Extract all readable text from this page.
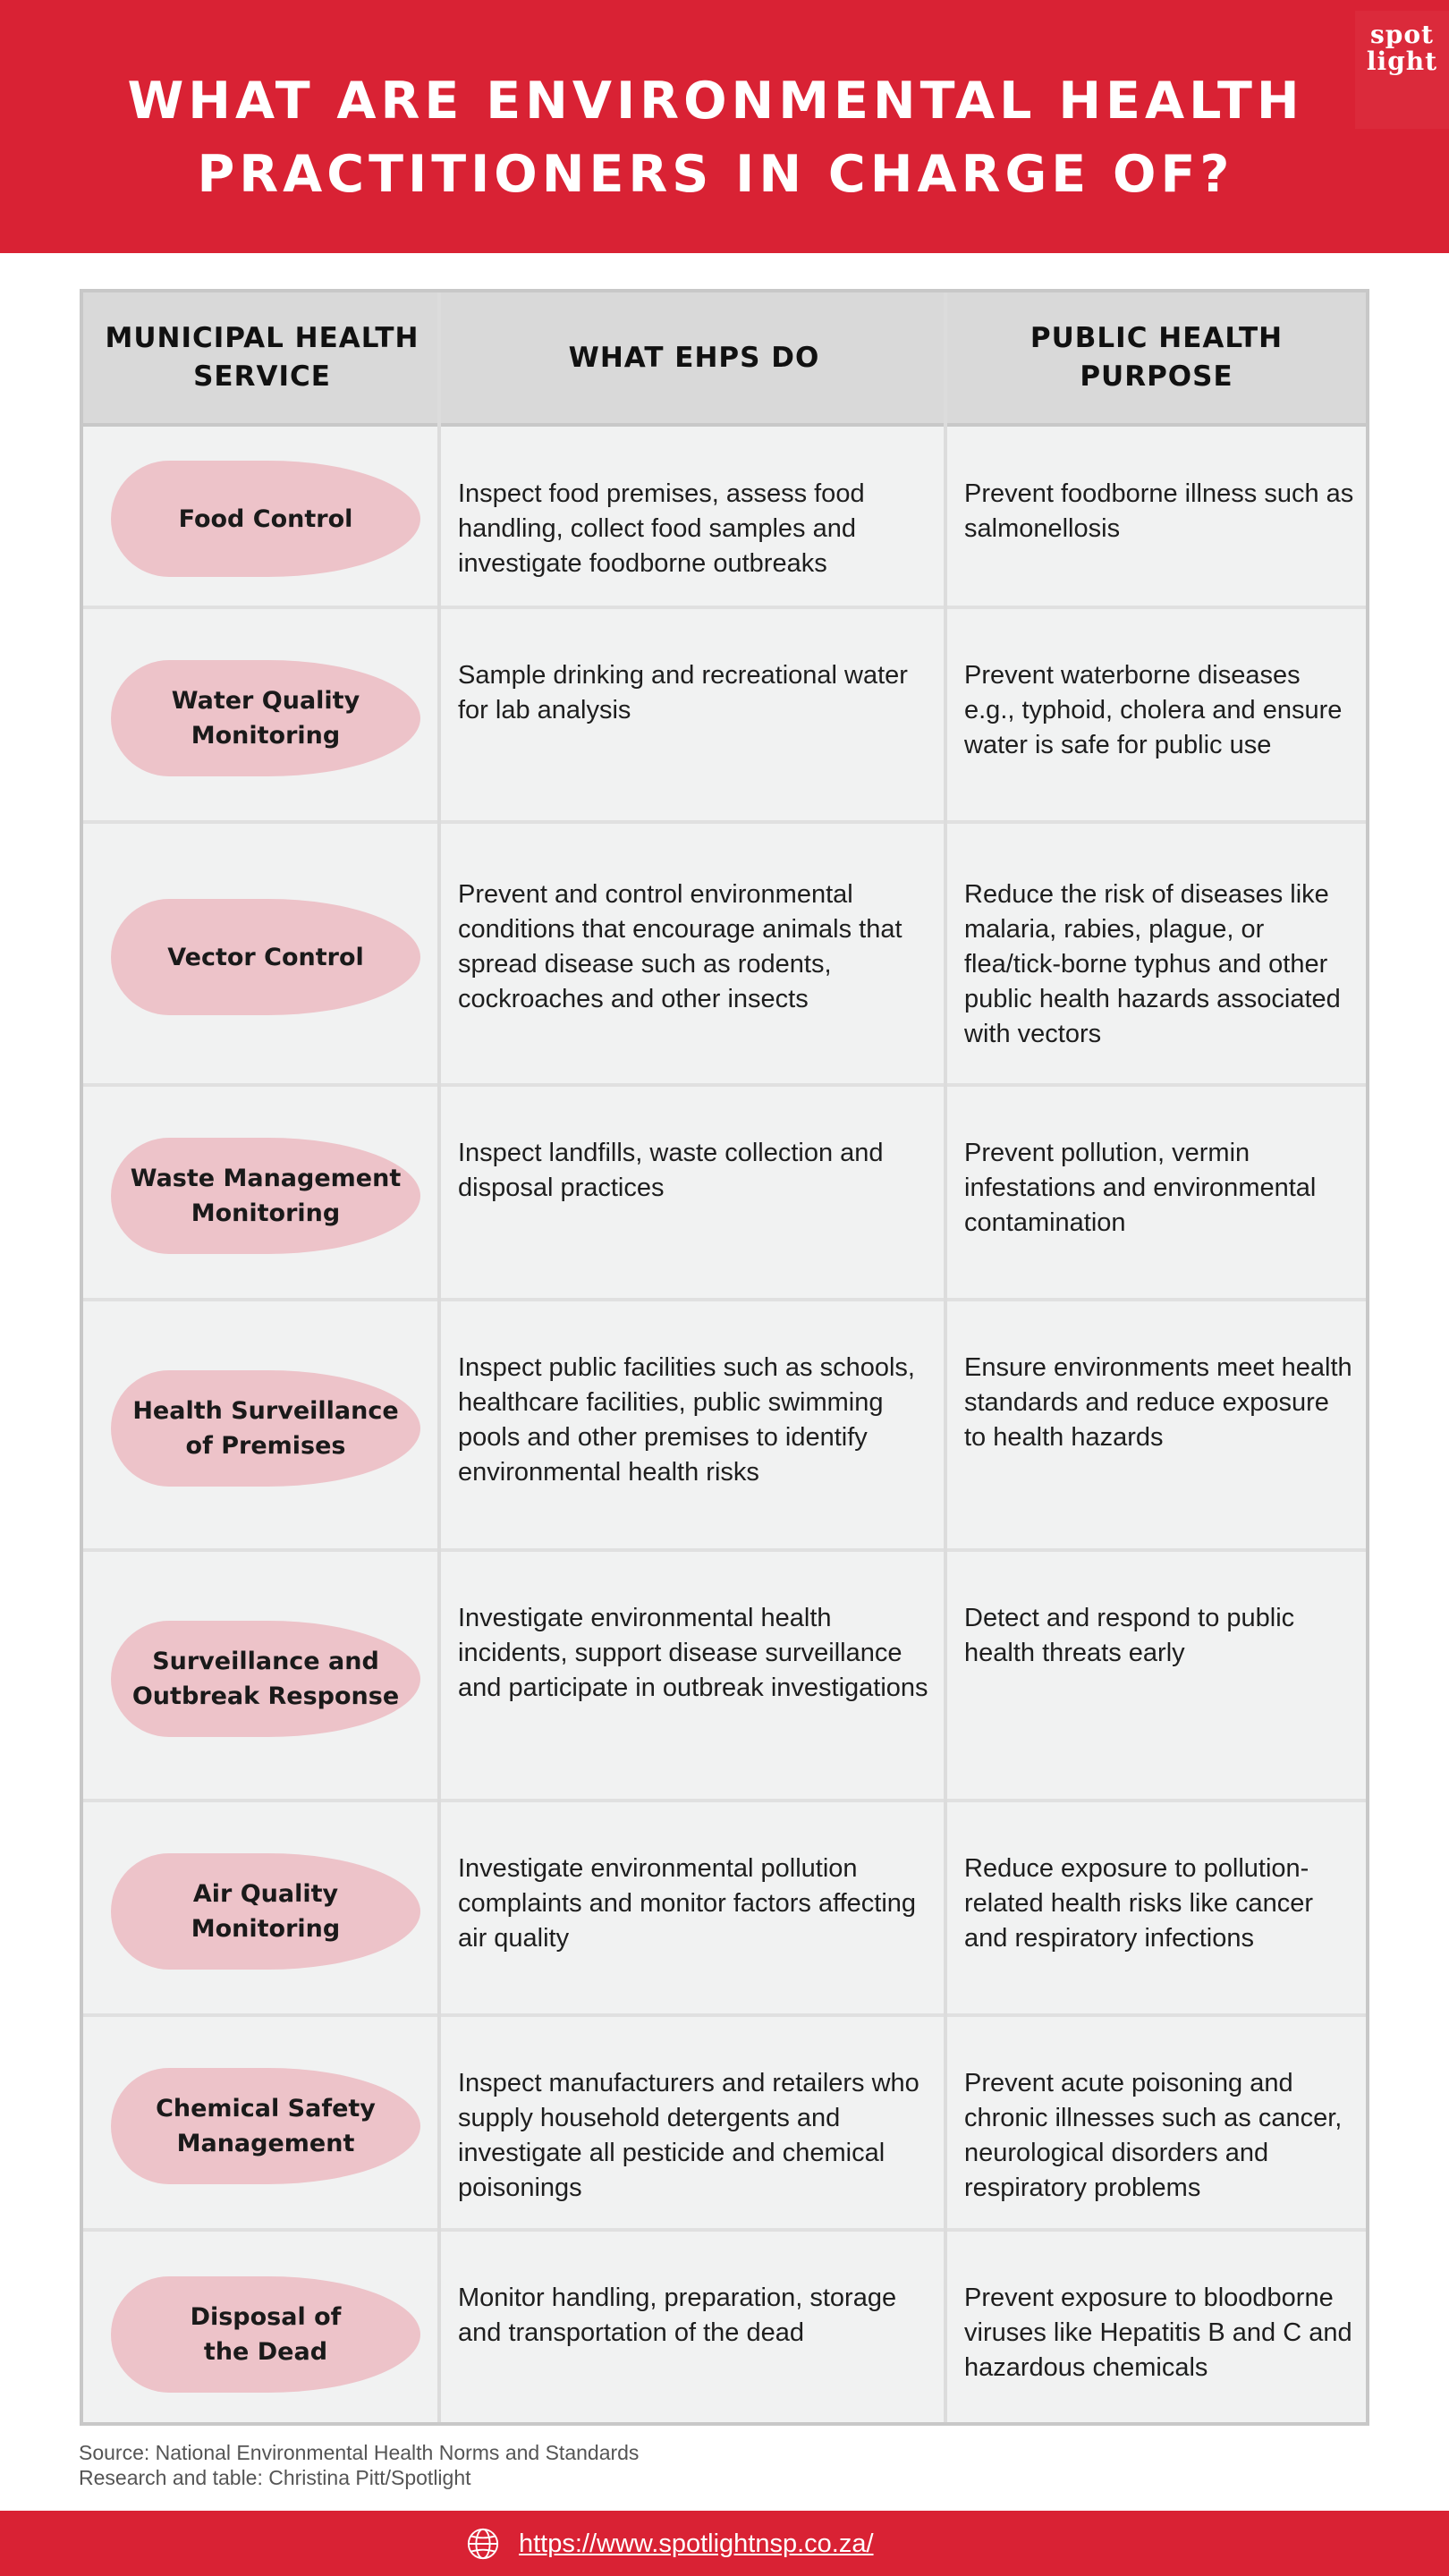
WHAT ARE ENVIRONMENTAL HEALTH PRACTITIONERS IN CHARGE OF?
spot
light
MUNICIPAL HEALTH SERVICE
WHAT EHPS DO
PUBLIC HEALTH PURPOSE
Food Control
Inspect food premises, assess food handling, collect food samples and investigate foodborne outbreaks
Prevent foodborne illness such as salmonellosis
Water Quality
Monitoring
Sample drinking and recreational water for lab analysis
Prevent waterborne diseases e.g., typhoid, cholera and ensure water is safe for public use
Vector Control
Prevent and control environmental conditions that encourage animals that spread disease such as rodents, cockroaches and other insects
Reduce the risk of diseases like malaria, rabies, plague, or flea/tick-borne typhus and other public health hazards associated with vectors
Waste Management
Monitoring
Inspect landfills, waste collection and disposal practices
Prevent pollution, vermin infestations and environmental contamination
Health Surveillance
of Premises
Inspect public facilities such as schools, healthcare facilities, public swimming pools and other premises to identify environmental health risks
Ensure environments meet health standards and reduce exposure to health hazards
Surveillance and
Outbreak Response
Investigate environmental health incidents, support disease surveillance and participate in outbreak investigations
Detect and respond to public health threats early
Air Quality
Monitoring
Investigate environmental pollution complaints and monitor factors affecting air quality
Reduce exposure to pollution-related health risks like cancer and respiratory infections
Chemical Safety
Management
Inspect manufacturers and retailers who supply household detergents and investigate all pesticide and chemical poisonings
Prevent acute poisoning and chronic illnesses such as cancer, neurological disorders and respiratory problems
Disposal of
the Dead
Monitor handling, preparation, storage and transportation of the dead
Prevent exposure to bloodborne viruses like Hepatitis B and C and hazardous chemicals
Source: National Environmental Health Norms and Standards
Research and table: Christina Pitt/Spotlight
https://www.spotlightnsp.co.za/
